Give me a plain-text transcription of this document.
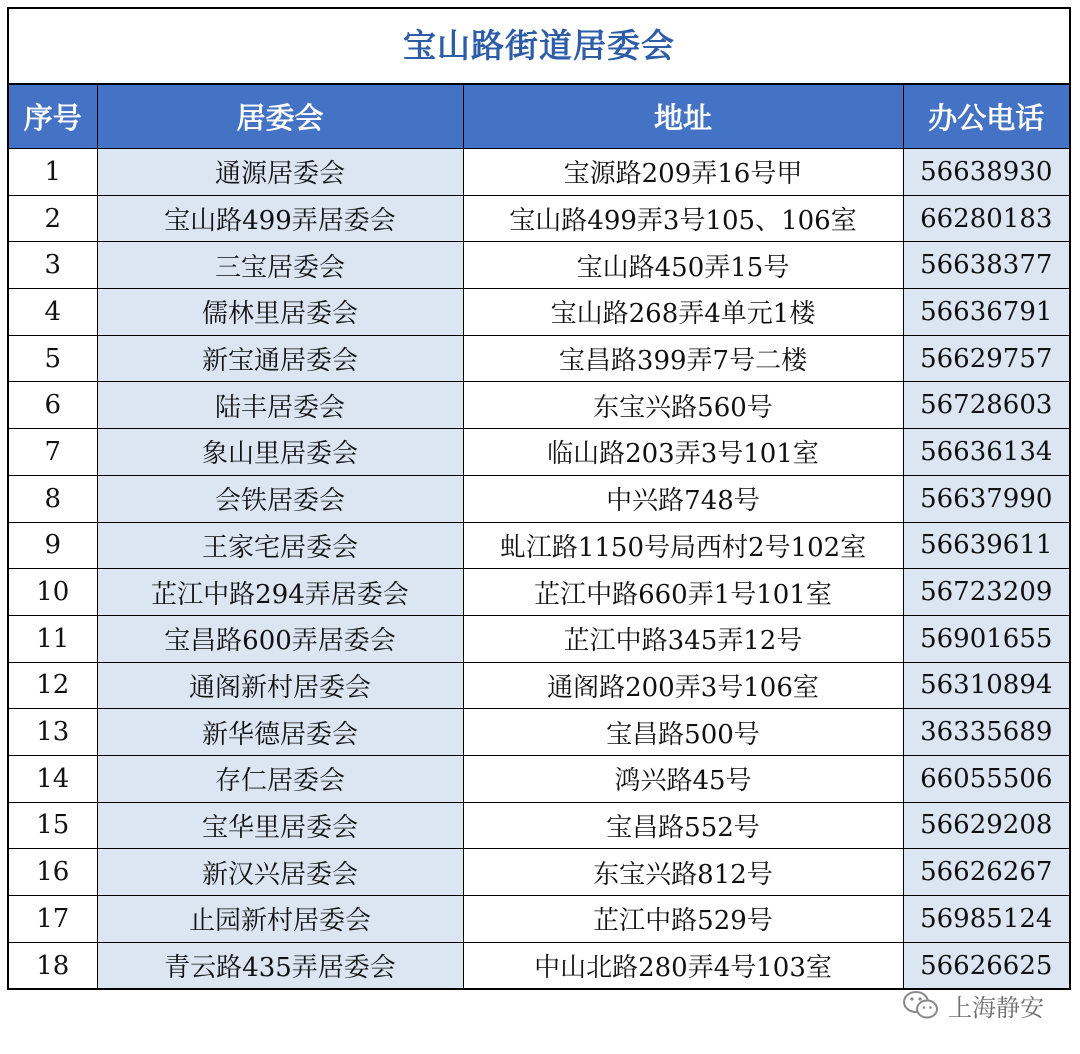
宝山路街道居委会
序号	居委会	地址	办公电话
1	通源居委会	宝源路209弄16号甲	56638930
2	宝山路499弄居委会	宝山路499弄3号105、106室	66280183
3	三宝居委会	宝山路450弄15号	56638377
4	儒林里居委会	宝山路268弄4单元1楼	56636791
5	新宝通居委会	宝昌路399弄7号二楼	56629757
6	陆丰居委会	东宝兴路560号	56728603
7	象山里居委会	临山路203弄3号101室	56636134
8	会铁居委会	中兴路748号	56637990
9	王家宅居委会	虬江路1150号局西村2号102室	56639611
10	芷江中路294弄居委会	芷江中路660弄1号101室	56723209
11	宝昌路600弄居委会	芷江中路345弄12号	56901655
12	通阁新村居委会	通阁路200弄3号106室	56310894
13	新华德居委会	宝昌路500号	36335689
14	存仁居委会	鸿兴路45号	66055506
15	宝华里居委会	宝昌路552号	56629208
16	新汉兴居委会	东宝兴路812号	56626267
17	止园新村居委会	芷江中路529号	56985124
18	青云路435弄居委会	中山北路280弄4号103室	56626625
上海静安
